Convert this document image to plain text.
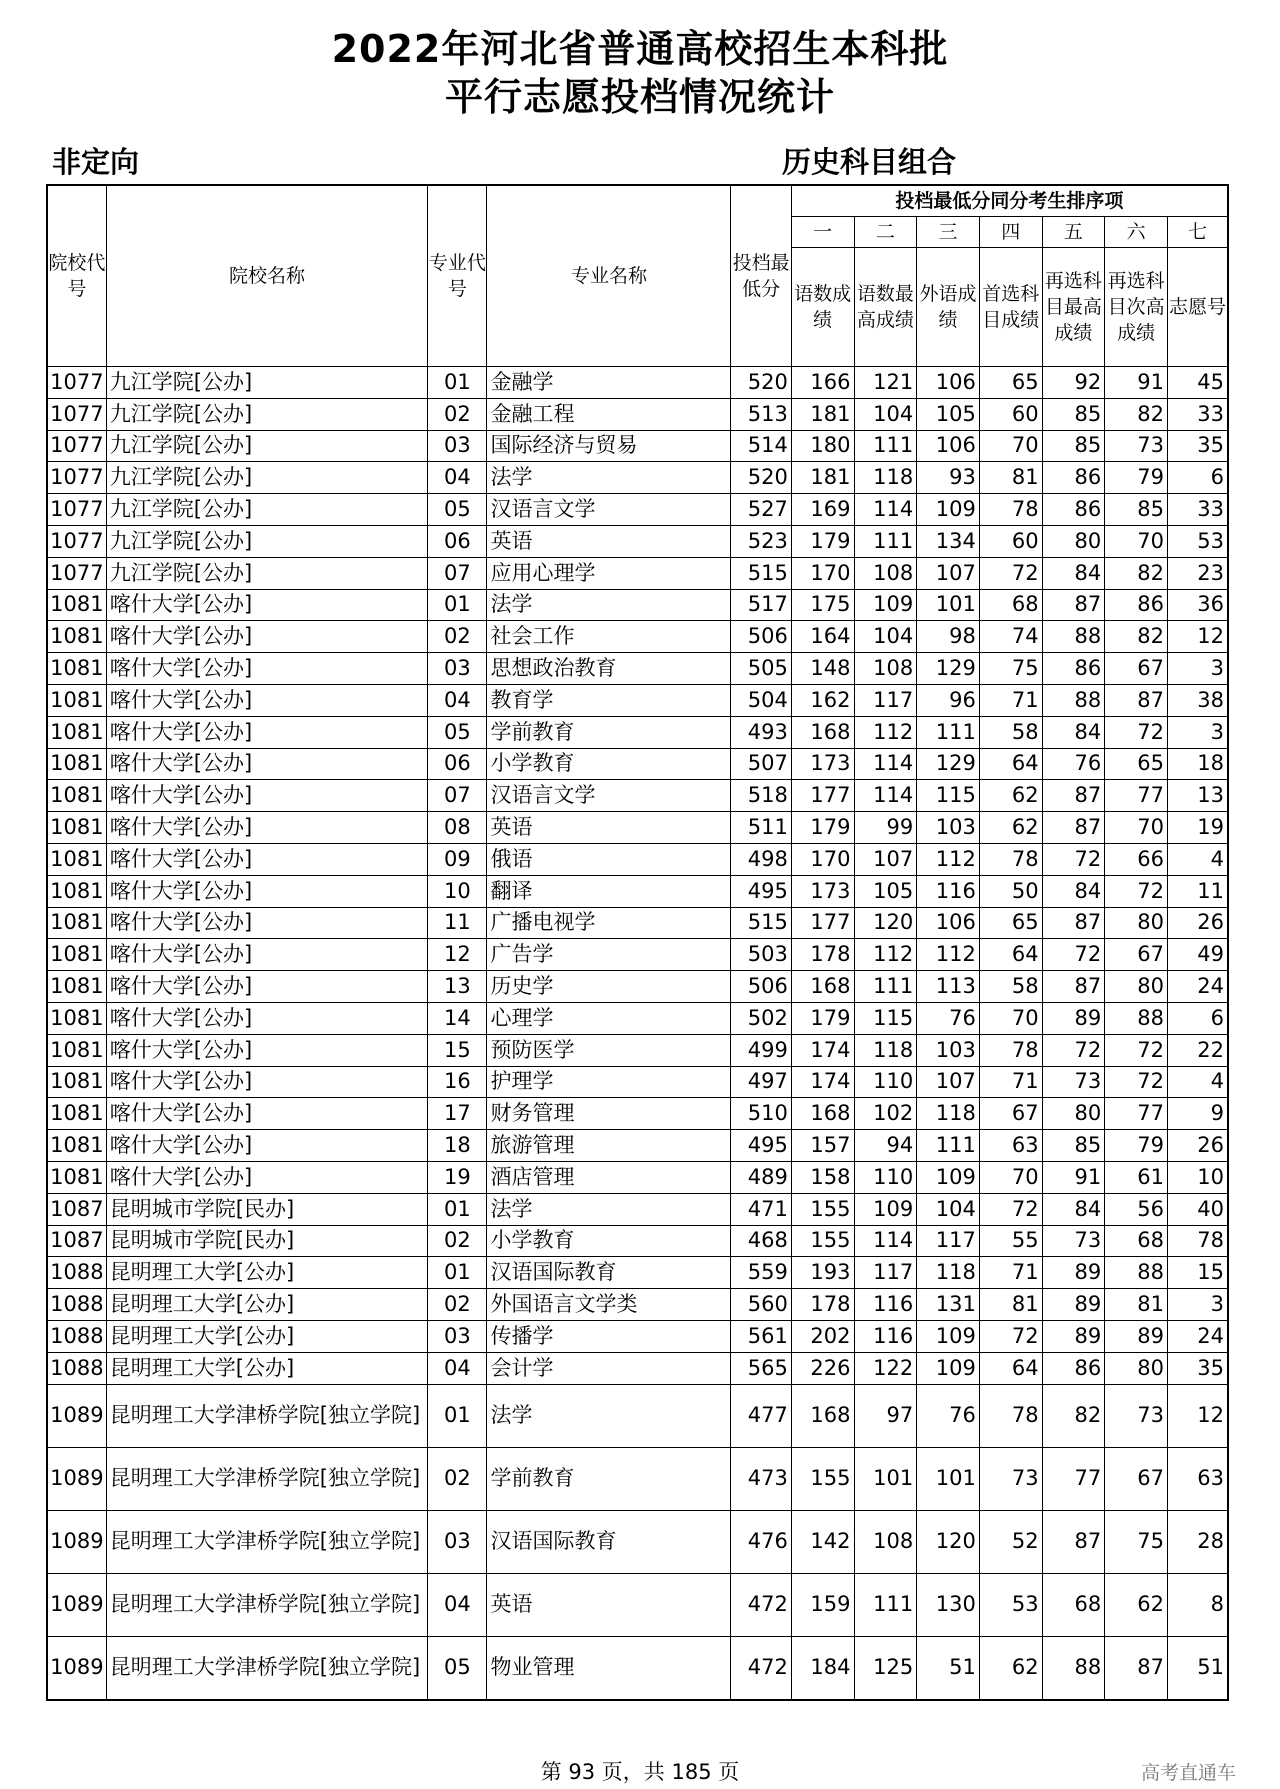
2022年河北省普通高校招生本科批
平行志愿投档情况统计
非定向	历史科目组合
院校代号	院校名称	专业代号	专业名称	投档最低分	投档最低分同分考生排序项						
					一	二	三	四	五	六	七
					语数成绩	语数最高成绩	外语成绩	首选科目成绩	再选科目最高成绩	再选科目次高成绩	志愿号
1077	九江学院[公办]	01	金融学	520	166	121	106	65	92	91	45
1077	九江学院[公办]	02	金融工程	513	181	104	105	60	85	82	33
1077	九江学院[公办]	03	国际经济与贸易	514	180	111	106	70	85	73	35
1077	九江学院[公办]	04	法学	520	181	118	93	81	86	79	6
1077	九江学院[公办]	05	汉语言文学	527	169	114	109	78	86	85	33
1077	九江学院[公办]	06	英语	523	179	111	134	60	80	70	53
1077	九江学院[公办]	07	应用心理学	515	170	108	107	72	84	82	23
1081	喀什大学[公办]	01	法学	517	175	109	101	68	87	86	36
1081	喀什大学[公办]	02	社会工作	506	164	104	98	74	88	82	12
1081	喀什大学[公办]	03	思想政治教育	505	148	108	129	75	86	67	3
1081	喀什大学[公办]	04	教育学	504	162	117	96	71	88	87	38
1081	喀什大学[公办]	05	学前教育	493	168	112	111	58	84	72	3
1081	喀什大学[公办]	06	小学教育	507	173	114	129	64	76	65	18
1081	喀什大学[公办]	07	汉语言文学	518	177	114	115	62	87	77	13
1081	喀什大学[公办]	08	英语	511	179	99	103	62	87	70	19
1081	喀什大学[公办]	09	俄语	498	170	107	112	78	72	66	4
1081	喀什大学[公办]	10	翻译	495	173	105	116	50	84	72	11
1081	喀什大学[公办]	11	广播电视学	515	177	120	106	65	87	80	26
1081	喀什大学[公办]	12	广告学	503	178	112	112	64	72	67	49
1081	喀什大学[公办]	13	历史学	506	168	111	113	58	87	80	24
1081	喀什大学[公办]	14	心理学	502	179	115	76	70	89	88	6
1081	喀什大学[公办]	15	预防医学	499	174	118	103	78	72	72	22
1081	喀什大学[公办]	16	护理学	497	174	110	107	71	73	72	4
1081	喀什大学[公办]	17	财务管理	510	168	102	118	67	80	77	9
1081	喀什大学[公办]	18	旅游管理	495	157	94	111	63	85	79	26
1081	喀什大学[公办]	19	酒店管理	489	158	110	109	70	91	61	10
1087	昆明城市学院[民办]	01	法学	471	155	109	104	72	84	56	40
1087	昆明城市学院[民办]	02	小学教育	468	155	114	117	55	73	68	78
1088	昆明理工大学[公办]	01	汉语国际教育	559	193	117	118	71	89	88	15
1088	昆明理工大学[公办]	02	外国语言文学类	560	178	116	131	81	89	81	3
1088	昆明理工大学[公办]	03	传播学	561	202	116	109	72	89	89	24
1088	昆明理工大学[公办]	04	会计学	565	226	122	109	64	86	80	35
1089	昆明理工大学津桥学院[独立学院]	01	法学	477	168	97	76	78	82	73	12
1089	昆明理工大学津桥学院[独立学院]	02	学前教育	473	155	101	101	73	77	67	63
1089	昆明理工大学津桥学院[独立学院]	03	汉语国际教育	476	142	108	120	52	87	75	28
1089	昆明理工大学津桥学院[独立学院]	04	英语	472	159	111	130	53	68	62	8
1089	昆明理工大学津桥学院[独立学院]	05	物业管理	472	184	125	51	62	88	87	51
第 93 页，共 185 页	高考直通车
